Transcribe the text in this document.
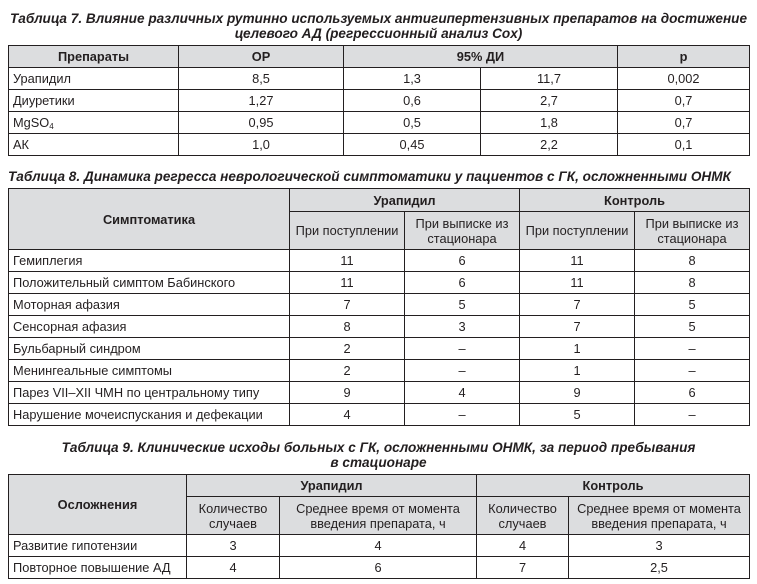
Таблица 7. Влияние различных рутинно используемых антигипертензивных препаратов на достижение
целевого АД (регрессионный анализ Cox)
Препараты	ОР	95% ДИ		p
Урапидил	8,5	1,3	11,7	0,002
Диуретики	1,27	0,6	2,7	0,7
MgSO$_4$	0,95	0,5	1,8	0,7
АК	1,0	0,45	2,2	0,1
Таблица 8. Динамика регресса неврологической симптоматики у пациентов с ГК, осложненными ОНМК
Симптоматика	Урапидил		Контроль	
	При поступлении	При выписке из стационара	При поступлении	При выписке из стационара
Гемиплегия	11	6	11	8
Положительный симптом Бабинского	11	6	11	8
Моторная афазия	7	5	7	5
Сенсорная афазия	8	3	7	5
Бульбарный синдром	2	–	1	–
Менингеальные симптомы	2	–	1	–
Парез VII–XII ЧМН по центральному типу	9	4	9	6
Нарушение мочеиспускания и дефекации	4	–	5	–
Таблица 9. Клинические исходы больных с ГК, осложненными ОНМК, за период пребывания
в стационаре
Осложнения	Урапидил		Контроль	
	Количество случаев	Среднее время от момента введения препарата, ч	Количество случаев	Среднее время от момента введения препарата, ч
Развитие гипотензии	3	4	4	3
Повторное повышение АД	4	6	7	2,5
